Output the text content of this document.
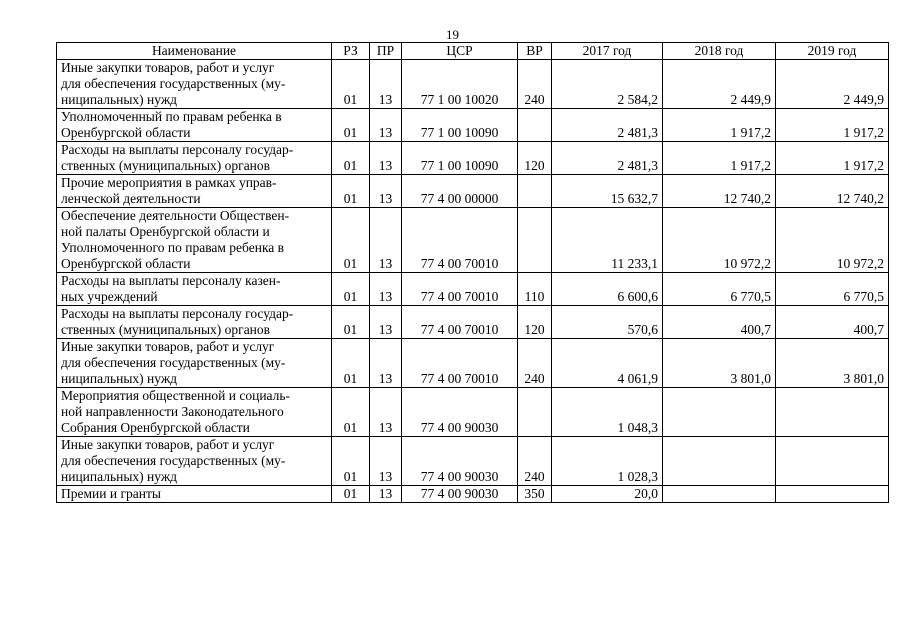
19
Наименование	РЗ	ПР	ЦСР	ВР	2017 год	2018 год	2019 год

Иные закупки товаров, работ и услуг
для обеспечения государственных (му-
ниципальных) нужд	01	13	77 1 00 10020	240	2 584,2	2 449,9	2 449,9

Уполномоченный по правам ребенка в
Оренбургской области	01	13	77 1 00 10090		2 481,3	1 917,2	1 917,2

Расходы на выплаты персоналу государ-
ственных (муниципальных) органов	01	13	77 1 00 10090	120	2 481,3	1 917,2	1 917,2

Прочие мероприятия в рамках управ-
ленческой деятельности	01	13	77 4 00 00000		15 632,7	12 740,2	12 740,2

Обеспечение деятельности Обществен-
ной палаты Оренбургской области и
Уполномоченного по правам ребенка в
Оренбургской области	01	13	77 4 00 70010		11 233,1	10 972,2	10 972,2

Расходы на выплаты персоналу казен-
ных учреждений	01	13	77 4 00 70010	110	6 600,6	6 770,5	6 770,5

Расходы на выплаты персоналу государ-
ственных (муниципальных) органов	01	13	77 4 00 70010	120	570,6	400,7	400,7

Иные закупки товаров, работ и услуг
для обеспечения государственных (му-
ниципальных) нужд	01	13	77 4 00 70010	240	4 061,9	3 801,0	3 801,0

Мероприятия общественной и социаль-
ной направленности Законодательного
Собрания Оренбургской области	01	13	77 4 00 90030		1 048,3		

Иные закупки товаров, работ и услуг
для обеспечения государственных (му-
ниципальных) нужд	01	13	77 4 00 90030	240	1 028,3		

Премии и гранты	01	13	77 4 00 90030	350	20,0		
